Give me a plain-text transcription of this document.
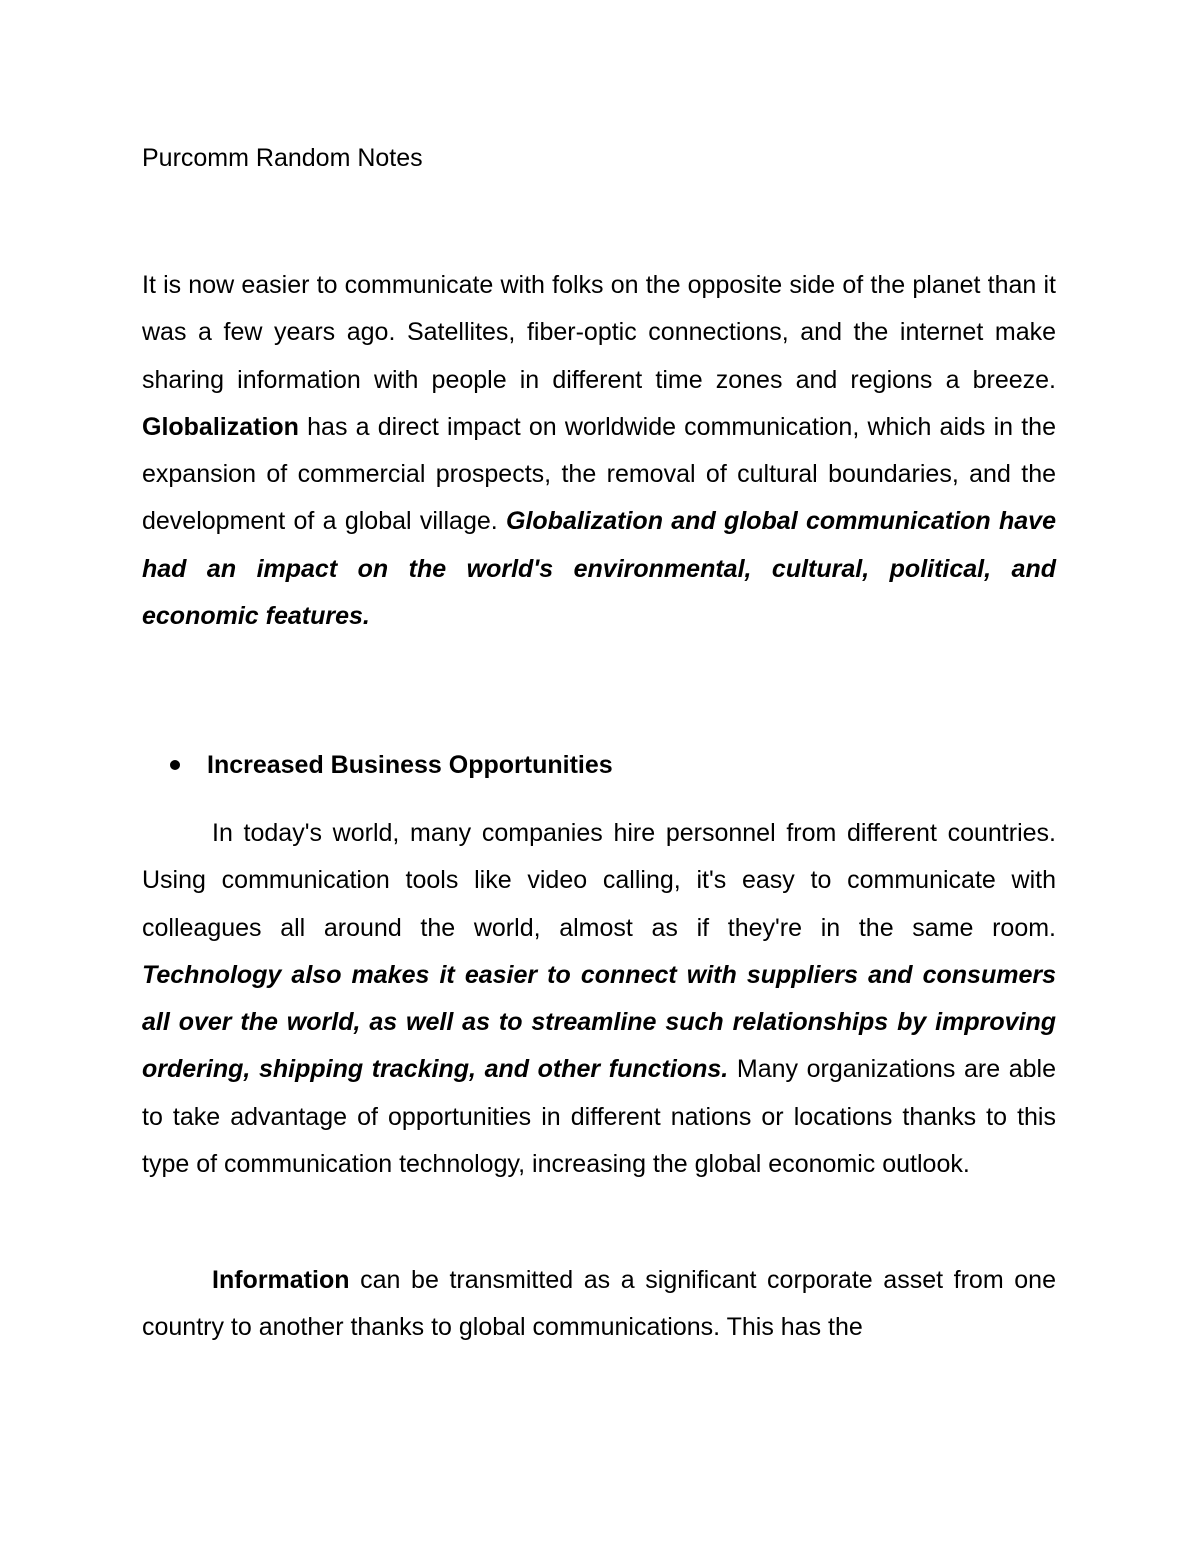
Purcomm Random Notes

It is now easier to communicate with folks on the opposite side of the planet than it was a few years ago. Satellites, fiber-optic connections, and the internet make sharing information with people in different time zones and regions a breeze. Globalization has a direct impact on worldwide communication, which aids in the expansion of commercial prospects, the removal of cultural boundaries, and the development of a global village. Globalization and global communication have had an impact on the world's environmental, cultural, political, and economic features.

Increased Business Opportunities

In today's world, many companies hire personnel from different countries. Using communication tools like video calling, it's easy to communicate with colleagues all around the world, almost as if they're in the same room. Technology also makes it easier to connect with suppliers and consumers all over the world, as well as to streamline such relationships by improving ordering, shipping tracking, and other functions. Many organizations are able to take advantage of opportunities in different nations or locations thanks to this type of communication technology, increasing the global economic outlook.

Information can be transmitted as a significant corporate asset from one country to another thanks to global communications. This has the
